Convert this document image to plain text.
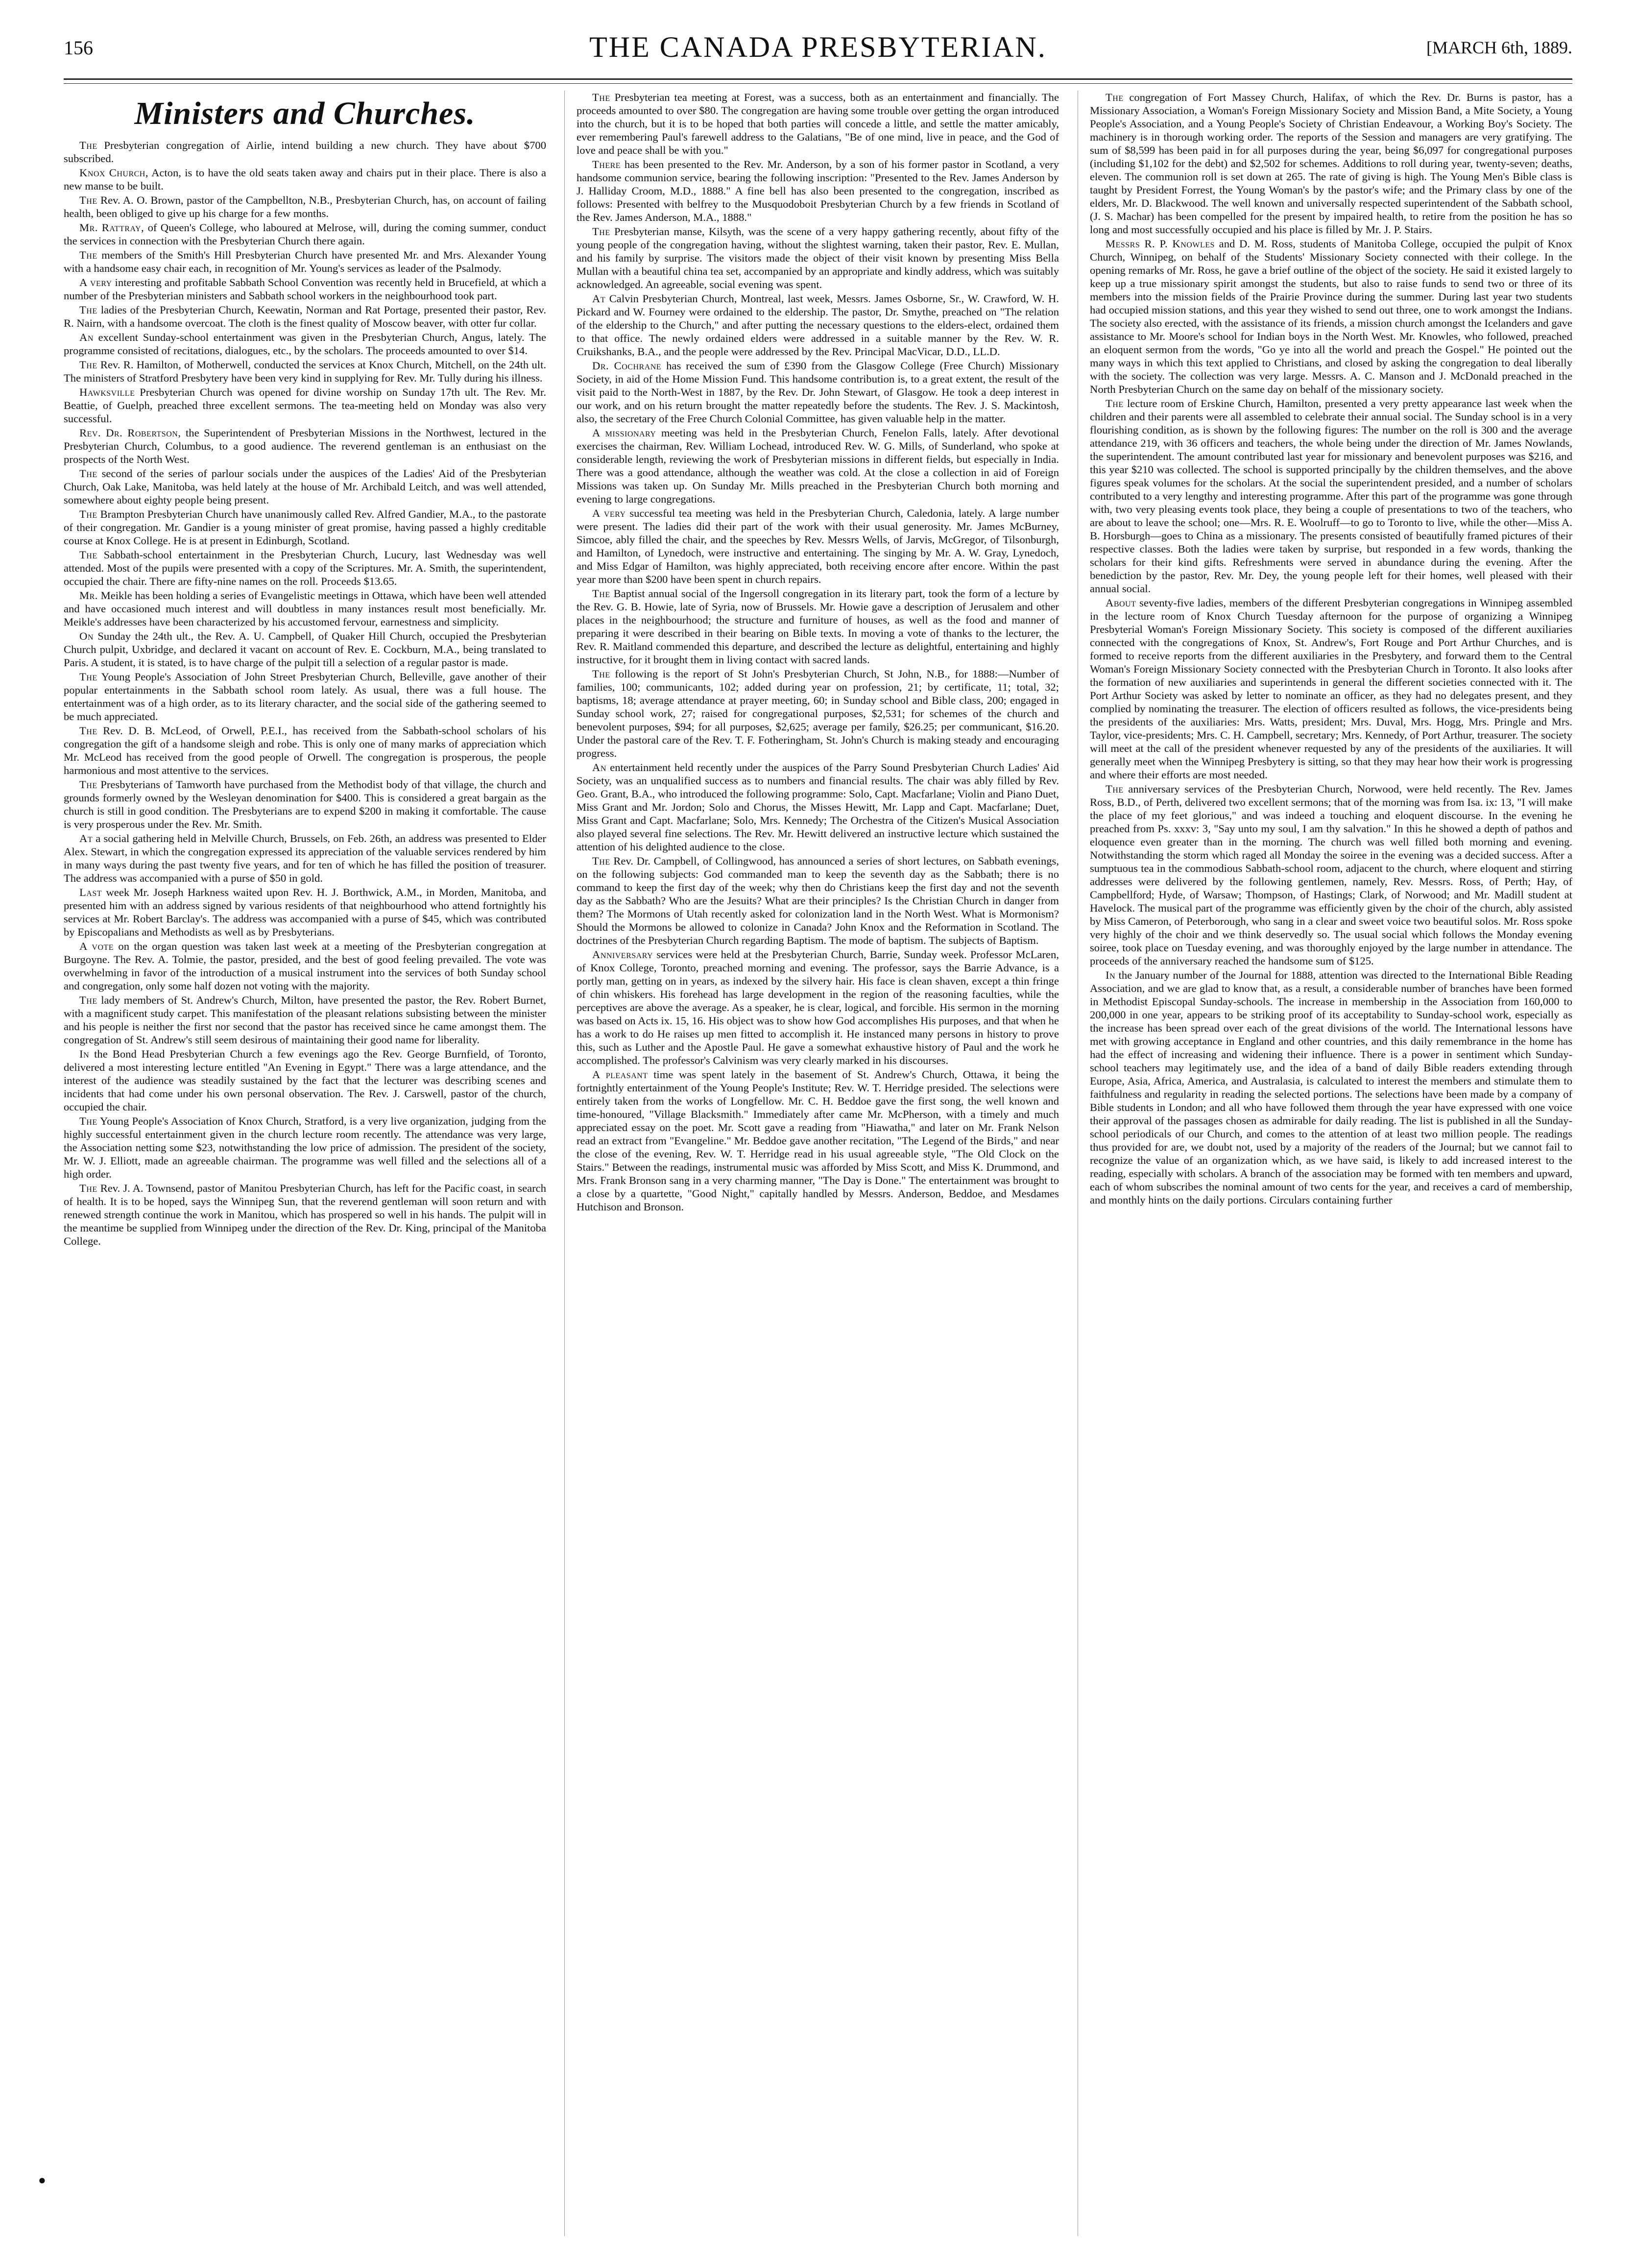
156	THE CANADA PRESBYTERIAN.	[MARCH 6th, 1889.
Ministers and Churches.

The Presbyterian congregation of Airlie, intend building a new church. They have about $700 subscribed.

Knox Church, Acton, is to have the old seats taken away and chairs put in their place. There is also a new manse to be built.

The Rev. A. O. Brown, pastor of the Campbellton, N.B., Presbyterian Church, has, on account of failing health, been obliged to give up his charge for a few months.

Mr. Rattray, of Queen's College, who laboured at Melrose, will, during the coming summer, conduct the services in connection with the Presbyterian Church there again.

The members of the Smith's Hill Presbyterian Church have presented Mr. and Mrs. Alexander Young with a handsome easy chair each, in recognition of Mr. Young's services as leader of the Psalmody.

A very interesting and profitable Sabbath School Convention was recently held in Brucefield, at which a number of the Presbyterian ministers and Sabbath school workers in the neighbourhood took part.

The ladies of the Presbyterian Church, Keewatin, Norman and Rat Portage, presented their pastor, Rev. R. Nairn, with a handsome overcoat. The cloth is the finest quality of Moscow beaver, with otter fur collar.

An excellent Sunday-school entertainment was given in the Presbyterian Church, Angus, lately. The programme consisted of recitations, dialogues, etc., by the scholars. The proceeds amounted to over $14.

The Rev. R. Hamilton, of Motherwell, conducted the services at Knox Church, Mitchell, on the 24th ult. The ministers of Stratford Presbytery have been very kind in supplying for Rev. Mr. Tully during his illness.

Hawksville Presbyterian Church was opened for divine worship on Sunday 17th ult. The Rev. Mr. Beattie, of Guelph, preached three excellent sermons. The tea-meeting held on Monday was also very successful.

Rev. Dr. Robertson, the Superintendent of Presbyterian Missions in the Northwest, lectured in the Presbyterian Church, Columbus, to a good audience. The reverend gentleman is an enthusiast on the prospects of the North West.

The second of the series of parlour socials under the auspices of the Ladies' Aid of the Presbyterian Church, Oak Lake, Manitoba, was held lately at the house of Mr. Archibald Leitch, and was well attended, somewhere about eighty people being present.

The Brampton Presbyterian Church have unanimously called Rev. Alfred Gandier, M.A., to the pastorate of their congregation. Mr. Gandier is a young minister of great promise, having passed a highly creditable course at Knox College. He is at present in Edinburgh, Scotland.

The Sabbath-school entertainment in the Presbyterian Church, Lucury, last Wednesday was well attended. Most of the pupils were presented with a copy of the Scriptures. Mr. A. Smith, the superintendent, occupied the chair. There are fifty-nine names on the roll. Proceeds $13.65.

Mr. Meikle has been holding a series of Evangelistic meetings in Ottawa, which have been well attended and have occasioned much interest and will doubtless in many instances result most beneficially. Mr. Meikle's addresses have been characterized by his accustomed fervour, earnestness and simplicity.

On Sunday the 24th ult., the Rev. A. U. Campbell, of Quaker Hill Church, occupied the Presbyterian Church pulpit, Uxbridge, and declared it vacant on account of Rev. E. Cockburn, M.A., being translated to Paris. A student, it is stated, is to have charge of the pulpit till a selection of a regular pastor is made.

The Young People's Association of John Street Presbyterian Church, Belleville, gave another of their popular entertainments in the Sabbath school room lately. As usual, there was a full house. The entertainment was of a high order, as to its literary character, and the social side of the gathering seemed to be much appreciated.

The Rev. D. B. McLeod, of Orwell, P.E.I., has received from the Sabbath-school scholars of his congregation the gift of a handsome sleigh and robe. This is only one of many marks of appreciation which Mr. McLeod has received from the good people of Orwell. The congregation is prosperous, the people harmonious and most attentive to the services.

The Presbyterians of Tamworth have purchased from the Methodist body of that village, the church and grounds formerly owned by the Wesleyan denomination for $400. This is considered a great bargain as the church is still in good condition. The Presbyterians are to expend $200 in making it comfortable. The cause is very prosperous under the Rev. Mr. Smith.

At a social gathering held in Melville Church, Brussels, on Feb. 26th, an address was presented to Elder Alex. Stewart, in which the congregation expressed its appreciation of the valuable services rendered by him in many ways during the past twenty five years, and for ten of which he has filled the position of treasurer. The address was accompanied with a purse of $50 in gold.

Last week Mr. Joseph Harkness waited upon Rev. H. J. Borthwick, A.M., in Morden, Manitoba, and presented him with an address signed by various residents of that neighbourhood who attend fortnightly his services at Mr. Robert Barclay's. The address was accompanied with a purse of $45, which was contributed by Episcopalians and Methodists as well as by Presbyterians.

A vote on the organ question was taken last week at a meeting of the Presbyterian congregation at Burgoyne. The Rev. A. Tolmie, the pastor, presided, and the best of good feeling prevailed. The vote was overwhelming in favor of the introduction of a musical instrument into the services of both Sunday school and congregation, only some half dozen not voting with the majority.

The lady members of St. Andrew's Church, Milton, have presented the pastor, the Rev. Robert Burnet, with a magnificent study carpet. This manifestation of the pleasant relations subsisting between the minister and his people is neither the first nor second that the pastor has received since he came amongst them. The congregation of St. Andrew's still seem desirous of maintaining their good name for liberality.

In the Bond Head Presbyterian Church a few evenings ago the Rev. George Burnfield, of Toronto, delivered a most interesting lecture entitled "An Evening in Egypt." There was a large attendance, and the interest of the audience was steadily sustained by the fact that the lecturer was describing scenes and incidents that had come under his own personal observation. The Rev. J. Carswell, pastor of the church, occupied the chair.

The Young People's Association of Knox Church, Stratford, is a very live organization, judging from the highly successful entertainment given in the church lecture room recently. The attendance was very large, the Association netting some $23, notwithstanding the low price of admission. The president of the society, Mr. W. J. Elliott, made an agreeable chairman. The programme was well filled and the selections all of a high order.

The Rev. J. A. Townsend, pastor of Manitou Presbyterian Church, has left for the Pacific coast, in search of health. It is to be hoped, says the Winnipeg Sun, that the reverend gentleman will soon return and with renewed strength continue the work in Manitou, which has prospered so well in his hands. The pulpit will in the meantime be supplied from Winnipeg under the direction of the Rev. Dr. King, principal of the Manitoba College.

The Presbyterian tea meeting at Forest, was a success, both as an entertainment and financially. The proceeds amounted to over $80. The congregation are having some trouble over getting the organ introduced into the church, but it is to be hoped that both parties will concede a little, and settle the matter amicably, ever remembering Paul's farewell address to the Galatians, "Be of one mind, live in peace, and the God of love and peace shall be with you."

There has been presented to the Rev. Mr. Anderson, by a son of his former pastor in Scotland, a very handsome communion service, bearing the following inscription: "Presented to the Rev. James Anderson by J. Halliday Croom, M.D., 1888." A fine bell has also been presented to the congregation, inscribed as follows: Presented with belfrey to the Musquodoboit Presbyterian Church by a few friends in Scotland of the Rev. James Anderson, M.A., 1888."

The Presbyterian manse, Kilsyth, was the scene of a very happy gathering recently, about fifty of the young people of the congregation having, without the slightest warning, taken their pastor, Rev. E. Mullan, and his family by surprise. The visitors made the object of their visit known by presenting Miss Bella Mullan with a beautiful china tea set, accompanied by an appropriate and kindly address, which was suitably acknowledged. An agreeable, social evening was spent.

At Calvin Presbyterian Church, Montreal, last week, Messrs. James Osborne, Sr., W. Crawford, W. H. Pickard and W. Fourney were ordained to the eldership. The pastor, Dr. Smythe, preached on "The relation of the eldership to the Church," and after putting the necessary questions to the elders-elect, ordained them to that office. The newly ordained elders were addressed in a suitable manner by the Rev. W. R. Cruikshanks, B.A., and the people were addressed by the Rev. Principal MacVicar, D.D., LL.D.

Dr. Cochrane has received the sum of £390 from the Glasgow College (Free Church) Missionary Society, in aid of the Home Mission Fund. This handsome contribution is, to a great extent, the result of the visit paid to the North-West in 1887, by the Rev. Dr. John Stewart, of Glasgow. He took a deep interest in our work, and on his return brought the matter repeatedly before the students. The Rev. J. S. Mackintosh, also, the secretary of the Free Church Colonial Committee, has given valuable help in the matter.

A missionary meeting was held in the Presbyterian Church, Fenelon Falls, lately. After devotional exercises the chairman, Rev. William Lochead, introduced Rev. W. G. Mills, of Sunderland, who spoke at considerable length, reviewing the work of Presbyterian missions in different fields, but especially in India. There was a good attendance, although the weather was cold. At the close a collection in aid of Foreign Missions was taken up. On Sunday Mr. Mills preached in the Presbyterian Church both morning and evening to large congregations.

A very successful tea meeting was held in the Presbyterian Church, Caledonia, lately. A large number were present. The ladies did their part of the work with their usual generosity. Mr. James McBurney, Simcoe, ably filled the chair, and the speeches by Rev. Messrs Wells, of Jarvis, McGregor, of Tilsonburgh, and Hamilton, of Lynedoch, were instructive and entertaining. The singing by Mr. A. W. Gray, Lynedoch, and Miss Edgar of Hamilton, was highly appreciated, both receiving encore after encore. Within the past year more than $200 have been spent in church repairs.

The Baptist annual social of the Ingersoll congregation in its literary part, took the form of a lecture by the Rev. G. B. Howie, late of Syria, now of Brussels. Mr. Howie gave a description of Jerusalem and other places in the neighbourhood; the structure and furniture of houses, as well as the food and manner of preparing it were described in their bearing on Bible texts. In moving a vote of thanks to the lecturer, the Rev. R. Maitland commended this departure, and described the lecture as delightful, entertaining and highly instructive, for it brought them in living contact with sacred lands.

The following is the report of St John's Presbyterian Church, St John, N.B., for 1888:—Number of families, 100; communicants, 102; added during year on profession, 21; by certificate, 11; total, 32; baptisms, 18; average attendance at prayer meeting, 60; in Sunday school and Bible class, 200; engaged in Sunday school work, 27; raised for congregational purposes, $2,531; for schemes of the church and benevolent purposes, $94; for all purposes, $2,625; average per family, $26.25; per communicant, $16.20. Under the pastoral care of the Rev. T. F. Fotheringham, St. John's Church is making steady and encouraging progress.

An entertainment held recently under the auspices of the Parry Sound Presbyterian Church Ladies' Aid Society, was an unqualified success as to numbers and financial results. The chair was ably filled by Rev. Geo. Grant, B.A., who introduced the following programme: Solo, Capt. Macfarlane; Violin and Piano Duet, Miss Grant and Mr. Jordon; Solo and Chorus, the Misses Hewitt, Mr. Lapp and Capt. Macfarlane; Duet, Miss Grant and Capt. Macfarlane; Solo, Mrs. Kennedy; The Orchestra of the Citizen's Musical Association also played several fine selections. The Rev. Mr. Hewitt delivered an instructive lecture which sustained the attention of his delighted audience to the close.

The Rev. Dr. Campbell, of Collingwood, has announced a series of short lectures, on Sabbath evenings, on the following subjects: God commanded man to keep the seventh day as the Sabbath; there is no command to keep the first day of the week; why then do Christians keep the first day and not the seventh day as the Sabbath? Who are the Jesuits? What are their principles? Is the Christian Church in danger from them? The Mormons of Utah recently asked for colonization land in the North West. What is Mormonism? Should the Mormons be allowed to colonize in Canada? John Knox and the Reformation in Scotland. The doctrines of the Presbyterian Church regarding Baptism. The mode of baptism. The subjects of Baptism.

Anniversary services were held at the Presbyterian Church, Barrie, Sunday week. Professor McLaren, of Knox College, Toronto, preached morning and evening. The professor, says the Barrie Advance, is a portly man, getting on in years, as indexed by the silvery hair. His face is clean shaven, except a thin fringe of chin whiskers. His forehead has large development in the region of the reasoning faculties, while the perceptives are above the average. As a speaker, he is clear, logical, and forcible. His sermon in the morning was based on Acts ix. 15, 16. His object was to show how God accomplishes His purposes, and that when he has a work to do He raises up men fitted to accomplish it. He instanced many persons in history to prove this, such as Luther and the Apostle Paul. He gave a somewhat exhaustive history of Paul and the work he accomplished. The professor's Calvinism was very clearly marked in his discourses.

A pleasant time was spent lately in the basement of St. Andrew's Church, Ottawa, it being the fortnightly entertainment of the Young People's Institute; Rev. W. T. Herridge presided. The selections were entirely taken from the works of Longfellow. Mr. C. H. Beddoe gave the first song, the well known and time-honoured, "Village Blacksmith." Immediately after came Mr. McPherson, with a timely and much appreciated essay on the poet. Mr. Scott gave a reading from "Hiawatha," and later on Mr. Frank Nelson read an extract from "Evangeline." Mr. Beddoe gave another recitation, "The Legend of the Birds," and near the close of the evening, Rev. W. T. Herridge read in his usual agreeable style, "The Old Clock on the Stairs." Between the readings, instrumental music was afforded by Miss Scott, and Miss K. Drummond, and Mrs. Frank Bronson sang in a very charming manner, "The Day is Done." The entertainment was brought to a close by a quartette, "Good Night," capitally handled by Messrs. Anderson, Beddoe, and Mesdames Hutchison and Bronson.

The congregation of Fort Massey Church, Halifax, of which the Rev. Dr. Burns is pastor, has a Missionary Association, a Woman's Foreign Missionary Society and Mission Band, a Mite Society, a Young People's Association, and a Young People's Society of Christian Endeavour, a Working Boy's Society. The machinery is in thorough working order. The reports of the Session and managers are very gratifying. The sum of $8,599 has been paid in for all purposes during the year, being $6,097 for congregational purposes (including $1,102 for the debt) and $2,502 for schemes. Additions to roll during year, twenty-seven; deaths, eleven. The communion roll is set down at 265. The rate of giving is high. The Young Men's Bible class is taught by President Forrest, the Young Woman's by the pastor's wife; and the Primary class by one of the elders, Mr. D. Blackwood. The well known and universally respected superintendent of the Sabbath school, (J. S. Machar) has been compelled for the present by impaired health, to retire from the position he has so long and most successfully occupied and his place is filled by Mr. J. P. Stairs.

Messrs R. P. Knowles and D. M. Ross, students of Manitoba College, occupied the pulpit of Knox Church, Winnipeg, on behalf of the Students' Missionary Society connected with their college. In the opening remarks of Mr. Ross, he gave a brief outline of the object of the society. He said it existed largely to keep up a true missionary spirit amongst the students, but also to raise funds to send two or three of its members into the mission fields of the Prairie Province during the summer. During last year two students had occupied mission stations, and this year they wished to send out three, one to work amongst the Indians. The society also erected, with the assistance of its friends, a mission church amongst the Icelanders and gave assistance to Mr. Moore's school for Indian boys in the North West. Mr. Knowles, who followed, preached an eloquent sermon from the words, "Go ye into all the world and preach the Gospel." He pointed out the many ways in which this text applied to Christians, and closed by asking the congregation to deal liberally with the society. The collection was very large. Messrs. A. C. Manson and J. McDonald preached in the North Presbyterian Church on the same day on behalf of the missionary society.

The lecture room of Erskine Church, Hamilton, presented a very pretty appearance last week when the children and their parents were all assembled to celebrate their annual social. The Sunday school is in a very flourishing condition, as is shown by the following figures: The number on the roll is 300 and the average attendance 219, with 36 officers and teachers, the whole being under the direction of Mr. James Nowlands, the superintendent. The amount contributed last year for missionary and benevolent purposes was $216, and this year $210 was collected. The school is supported principally by the children themselves, and the above figures speak volumes for the scholars. At the social the superintendent presided, and a number of scholars contributed to a very lengthy and interesting programme. After this part of the programme was gone through with, two very pleasing events took place, they being a couple of presentations to two of the teachers, who are about to leave the school; one—Mrs. R. E. Woolruff—to go to Toronto to live, while the other—Miss A. B. Horsburgh—goes to China as a missionary. The presents consisted of beautifully framed pictures of their respective classes. Both the ladies were taken by surprise, but responded in a few words, thanking the scholars for their kind gifts. Refreshments were served in abundance during the evening. After the benediction by the pastor, Rev. Mr. Dey, the young people left for their homes, well pleased with their annual social.

About seventy-five ladies, members of the different Presbyterian congregations in Winnipeg assembled in the lecture room of Knox Church Tuesday afternoon for the purpose of organizing a Winnipeg Presbyterial Woman's Foreign Missionary Society. This society is composed of the different auxiliaries connected with the congregations of Knox, St. Andrew's, Fort Rouge and Port Arthur Churches, and is formed to receive reports from the different auxiliaries in the Presbytery, and forward them to the Central Woman's Foreign Missionary Society connected with the Presbyterian Church in Toronto. It also looks after the formation of new auxiliaries and superintends in general the different societies connected with it. The Port Arthur Society was asked by letter to nominate an officer, as they had no delegates present, and they complied by nominating the treasurer. The election of officers resulted as follows, the vice-presidents being the presidents of the auxiliaries: Mrs. Watts, president; Mrs. Duval, Mrs. Hogg, Mrs. Pringle and Mrs. Taylor, vice-presidents; Mrs. C. H. Campbell, secretary; Mrs. Kennedy, of Port Arthur, treasurer. The society will meet at the call of the president whenever requested by any of the presidents of the auxiliaries. It will generally meet when the Winnipeg Presbytery is sitting, so that they may hear how their work is progressing and where their efforts are most needed.

The anniversary services of the Presbyterian Church, Norwood, were held recently. The Rev. James Ross, B.D., of Perth, delivered two excellent sermons; that of the morning was from Isa. ix: 13, "I will make the place of my feet glorious," and was indeed a touching and eloquent discourse. In the evening he preached from Ps. xxxv: 3, "Say unto my soul, I am thy salvation." In this he showed a depth of pathos and eloquence even greater than in the morning. The church was well filled both morning and evening. Notwithstanding the storm which raged all Monday the soiree in the evening was a decided success. After a sumptuous tea in the commodious Sabbath-school room, adjacent to the church, where eloquent and stirring addresses were delivered by the following gentlemen, namely, Rev. Messrs. Ross, of Perth; Hay, of Campbellford; Hyde, of Warsaw; Thompson, of Hastings; Clark, of Norwood; and Mr. Madill student at Havelock. The musical part of the programme was efficiently given by the choir of the church, ably assisted by Miss Cameron, of Peterborough, who sang in a clear and sweet voice two beautiful solos. Mr. Ross spoke very highly of the choir and we think deservedly so. The usual social which follows the Monday evening soiree, took place on Tuesday evening, and was thoroughly enjoyed by the large number in attendance. The proceeds of the anniversary reached the handsome sum of $125.

In the January number of the Journal for 1888, attention was directed to the International Bible Reading Association, and we are glad to know that, as a result, a considerable number of branches have been formed in Methodist Episcopal Sunday-schools. The increase in membership in the Association from 160,000 to 200,000 in one year, appears to be striking proof of its acceptability to Sunday-school work, especially as the increase has been spread over each of the great divisions of the world. The International lessons have met with growing acceptance in England and other countries, and this daily remembrance in the home has had the effect of increasing and widening their influence. There is a power in sentiment which Sunday-school teachers may legitimately use, and the idea of a band of daily Bible readers extending through Europe, Asia, Africa, America, and Australasia, is calculated to interest the members and stimulate them to faithfulness and regularity in reading the selected portions. The selections have been made by a company of Bible students in London; and all who have followed them through the year have expressed with one voice their approval of the passages chosen as admirable for daily reading. The list is published in all the Sunday-school periodicals of our Church, and comes to the attention of at least two million people. The readings thus provided for are, we doubt not, used by a majority of the readers of the Journal; but we cannot fail to recognize the value of an organization which, as we have said, is likely to add increased interest to the reading, especially with scholars. A branch of the association may be formed with ten members and upward, each of whom subscribes the nominal amount of two cents for the year, and receives a card of membership, and monthly hints on the daily portions. Circulars containing further

●
